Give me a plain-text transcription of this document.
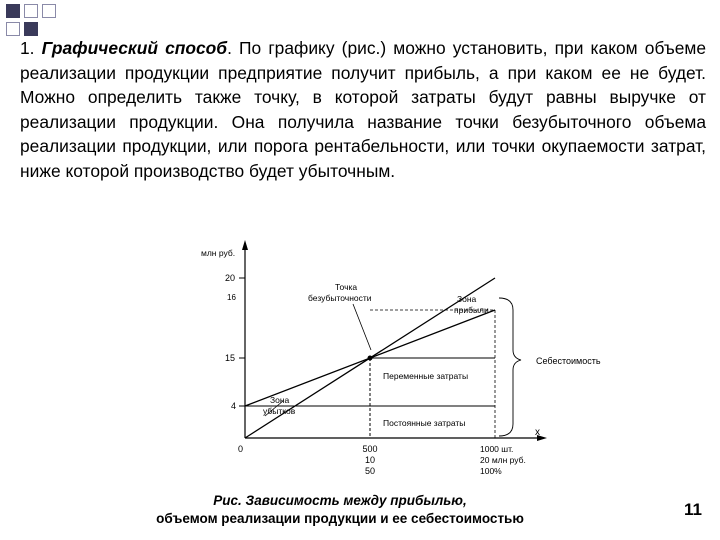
1. Графический способ. По графику (рис.) можно установить, при каком объеме реализации продукции предприятие получит прибыль, а при каком ее не будет. Можно определить также точку, в которой затраты будут равны выручке от реализации продукции. Она получила название точки безубыточного объема реализации продукции, или порога рентабельности, или точки окупаемости затрат, ниже которой производство будет убыточным.

млн руб.
20
16
15
4
0
х
500
10
50
1000 шт.
20 млн руб.
100%
Точка
безубыточности	Зона
прибыли
Зона
убытков
Переменные затраты
Постоянные затраты
Себестоимость
Рис. Зависимость между прибылью,
объемом реализации продукции и ее себестоимостью	11
